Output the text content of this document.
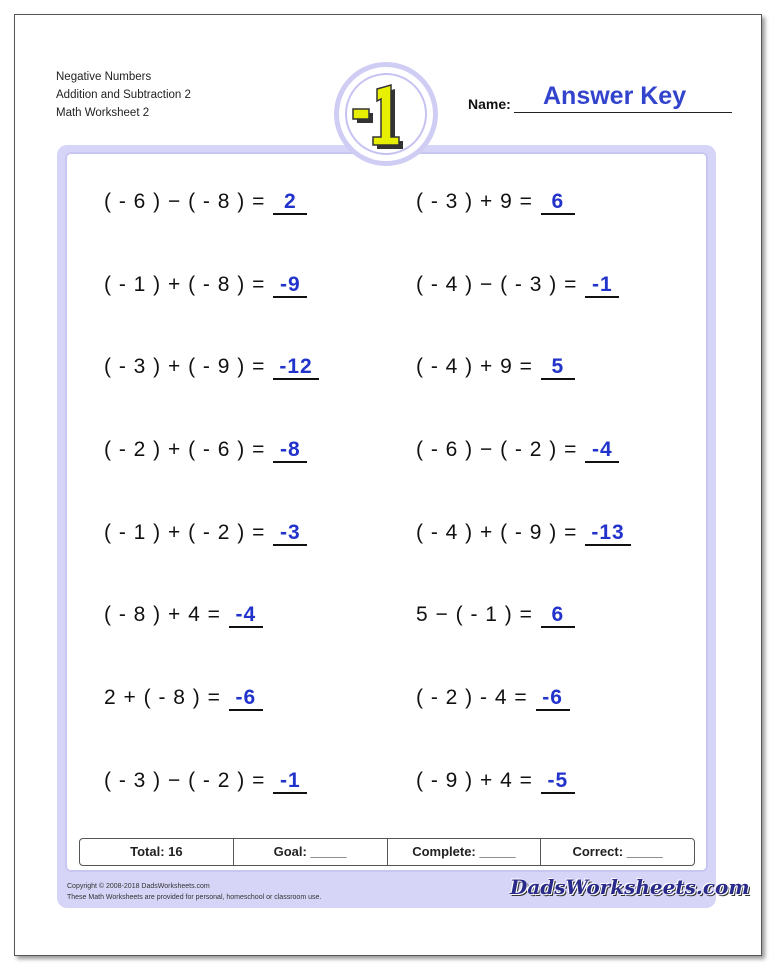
Negative Numbers
Addition and Subtraction 2
Math Worksheet 2
Name: Answer Key
( - 6 ) − ( - 8 ) = 2
( - 1 ) + ( - 8 ) = -9
( - 3 ) + ( - 9 ) = -12
( - 2 ) + ( - 6 ) = -8
( - 1 ) + ( - 2 ) = -3
( - 8 ) + 4 = -4
2 + ( - 8 ) = -6
( - 3 ) − ( - 2 ) = -1
( - 3 ) + 9 = 6
( - 4 ) − ( - 3 ) = -1
( - 4 ) + 9 = 5
( - 6 ) − ( - 2 ) = -4
( - 4 ) + ( - 9 ) = -13
5 − ( - 1 ) = 6
( - 2 ) - 4 = -6
( - 9 ) + 4 = -5
Total: 16	Goal: _____	Complete: _____	Correct: _____
Copyright © 2008-2018 DadsWorksheets.com
These Math Worksheets are provided for personal, homeschool or classroom use.	DadsWorksheets.com
